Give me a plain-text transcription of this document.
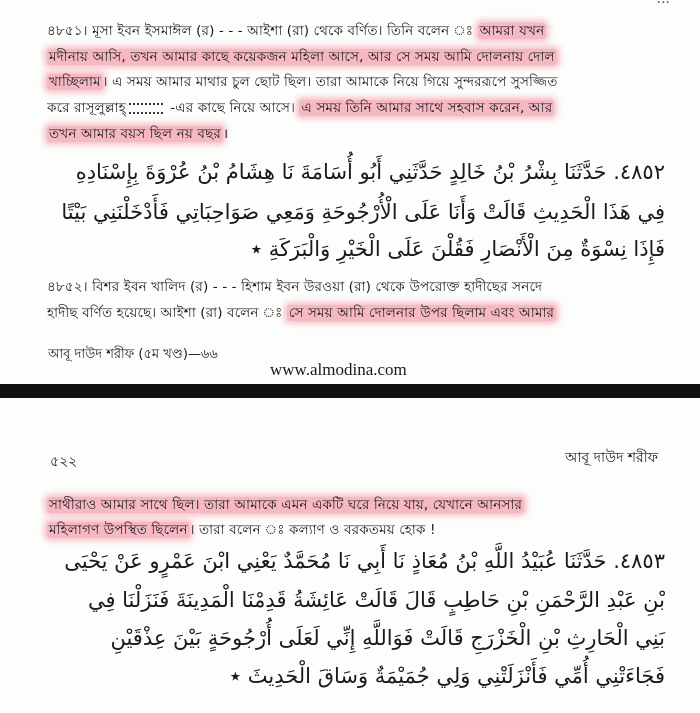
৪৮৫১। মূসা ইবন ইসমাঈল (র) - - - আইশা (রা) থেকে বর্ণিত। তিনি বলেন ঃ আমরা যখন
মদীনায় আসি, তখন আমার কাছে কয়েকজন মহিলা আসে, আর সে সময় আমি দোলনায় দোল
খাচ্ছিলাম । এ সময় আমার মাথার চুল ছোট ছিল। তারা আমাকে নিয়ে গিয়ে সুন্দররূপে সুসজ্জিত
করে রাসূলুল্লাহ্	-এর কাছে নিয়ে আসে। এ সময় তিনি আমার সাথে সহবাস করেন, আর
তখন আমার বয়স ছিল নয় বছর ।
٤٨٥٢. حَدَّثَنَا بِشْرُ بْنُ خَالِدٍ حَدَّثَنِي أَبُو أُسَامَةَ نَا هِشَامُ بْنُ عُرْوَةَ بِإِسْنَادِهِ
فِي هَذَا الْحَدِيثِ قَالَتْ وَأَنَا عَلَى الْأُرْجُوحَةِ وَمَعِي صَوَاحِبَاتِي فَأَدْخَلْنَنِي بَيْتًا
فَإِذَا نِسْوَةٌ مِنَ الْأَنْصَارِ فَقُلْنَ عَلَى الْخَيْرِ وَالْبَرَكَةِ ٭
৪৮৫২। বিশর ইবন খালিদ (র) - - - হিশাম ইবন উরওয়া (রা) থেকে উপরোক্ত হাদীছের সনদে
হাদীছ বর্ণিত হয়েছে। আইশা (রা) বলেন ঃ সে সময় আমি দোলনার উপর ছিলাম এবং আমার
আবূ দাউদ শরীফ (৫ম খণ্ড)—৬৬
www.almodina.com
৫২২	আবূ দাউদ শরীফ
সাথীরাও আমার সাথে ছিল। তারা আমাকে এমন একটি ঘরে নিয়ে যায়, যেখানে আনসার
মহিলাগণ উপস্থিত ছিলেন । তারা বলেন ঃ কল্যাণ ও বরকতময় হোক !
٤٨٥٣. حَدَّثَنَا عُبَيْدُ اللَّهِ بْنُ مُعَاذٍ نَا أَبِي نَا مُحَمَّدٌ يَعْنِي ابْنَ عَمْرٍو عَنْ يَحْيَى
بْنِ عَبْدِ الرَّحْمَنِ بْنِ حَاطِبٍ قَالَ قَالَتْ عَائِشَةُ قَدِمْنَا الْمَدِينَةَ فَنَزَلْنَا فِي
بَنِي الْحَارِثِ بْنِ الْخَزْرَجِ قَالَتْ فَوَاللَّهِ إِنِّي لَعَلَى أُرْجُوحَةٍ بَيْنَ عِذْقَيْنِ
فَجَاءَتْنِي أُمِّي فَأَنْزَلَتْنِي وَلِي جُمَيْمَةٌ وَسَاقَ الْحَدِيثَ ٭
